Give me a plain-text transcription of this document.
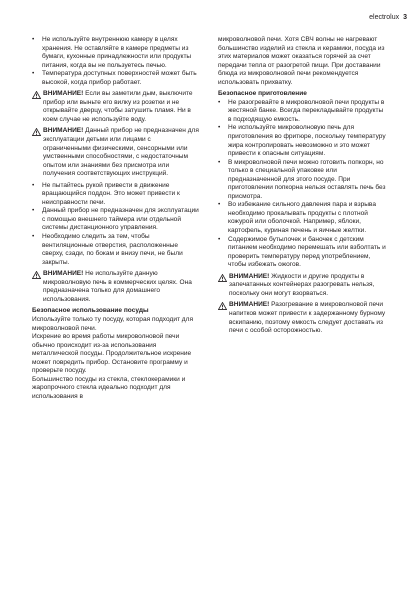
electrolux 3
• Не используйте внутреннюю камеру в целях хранения. Не оставляйте в камере предметы из бумаги, кухонные принадлежности или продукты питания, когда вы не пользуетесь печью.
• Температура доступных поверхностей может быть высокой, когда прибор работает.
ВНИМАНИЕ! Если вы заметили дым, выключите прибор или выньте его вилку из розетки и не открывайте дверцу, чтобы затушить пламя. Ни в коем случае не используйте воду.
ВНИМАНИЕ! Данный прибор не предназначен для эксплуатации детьми или лицами с ограниченными физическими, сенсорными или умственными способностями, с недостаточным опытом или знаниями без присмотра или получения соответствующих инструкций.
• Не пытайтесь рукой привести в движение вращающийся поддон. Это может привести к неисправности печи.
• Данный прибор не предназначен для эксплуатации с помощью внешнего таймера или отдельной системы дистанционного управления.
• Необходимо следить за тем, чтобы вентиляционные отверстия, расположенные сверху, сзади, по бокам и внизу печи, не были закрыты.
ВНИМАНИЕ! Не используйте данную микроволновую печь в коммерческих целях. Она предназначена только для домашнего использования.

Безопасное использование посуды

Используйте только ту посуду, которая подходит для микроволновой печи.

Искрение во время работы микроволновой печи обычно происходит из-за использования металлической посуды. Продолжительное искрение может повредить прибор. Остановите программу и проверьте посуду.

Большинство посуды из стекла, стеклокерамики и жаропрочного стекла идеально подходит для использования в

микроволновой печи. Хотя СВЧ волны не нагревают большинство изделий из стекла и керамики, посуда из этих материалов может оказаться горячей за счет передачи тепла от разогретой пищи. При доставании блюда из микроволновой печи рекомендуется использовать прихватку.

Безопасное приготовление

• Не разогревайте в микроволновой печи продукты в жестяной банке. Всегда перекладывайте продукты в подходящую емкость.
• Не используйте микроволновую печь для приготовления во фритюре, поскольку температуру жира контролировать невозможно и это может привести к опасным ситуациям.
• В микроволновой печи можно готовить попкорн, но только в специальной упаковке или предназначенной для этого посуде. При приготовлении попкорна нельзя оставлять печь без присмотра.
• Во избежание сильного давления пара и взрыва необходимо прокалывать продукты с плотной кожурой или оболочкой. Например, яблоки, картофель, куриная печень и яичные желтки.
• Содержимое бутылочек и баночек с детским питанием необходимо перемешать или взболтать и проверить температуру перед употреблением, чтобы избежать ожогов.
ВНИМАНИЕ! Жидкости и другие продукты в запечатанных контейнерах разогревать нельзя, поскольку они могут взорваться.
ВНИМАНИЕ! Разогревание в микроволновой печи напитков может привести к задержанному бурному вскипанию, поэтому емкость следует доставать из печи с особой осторожностью.
